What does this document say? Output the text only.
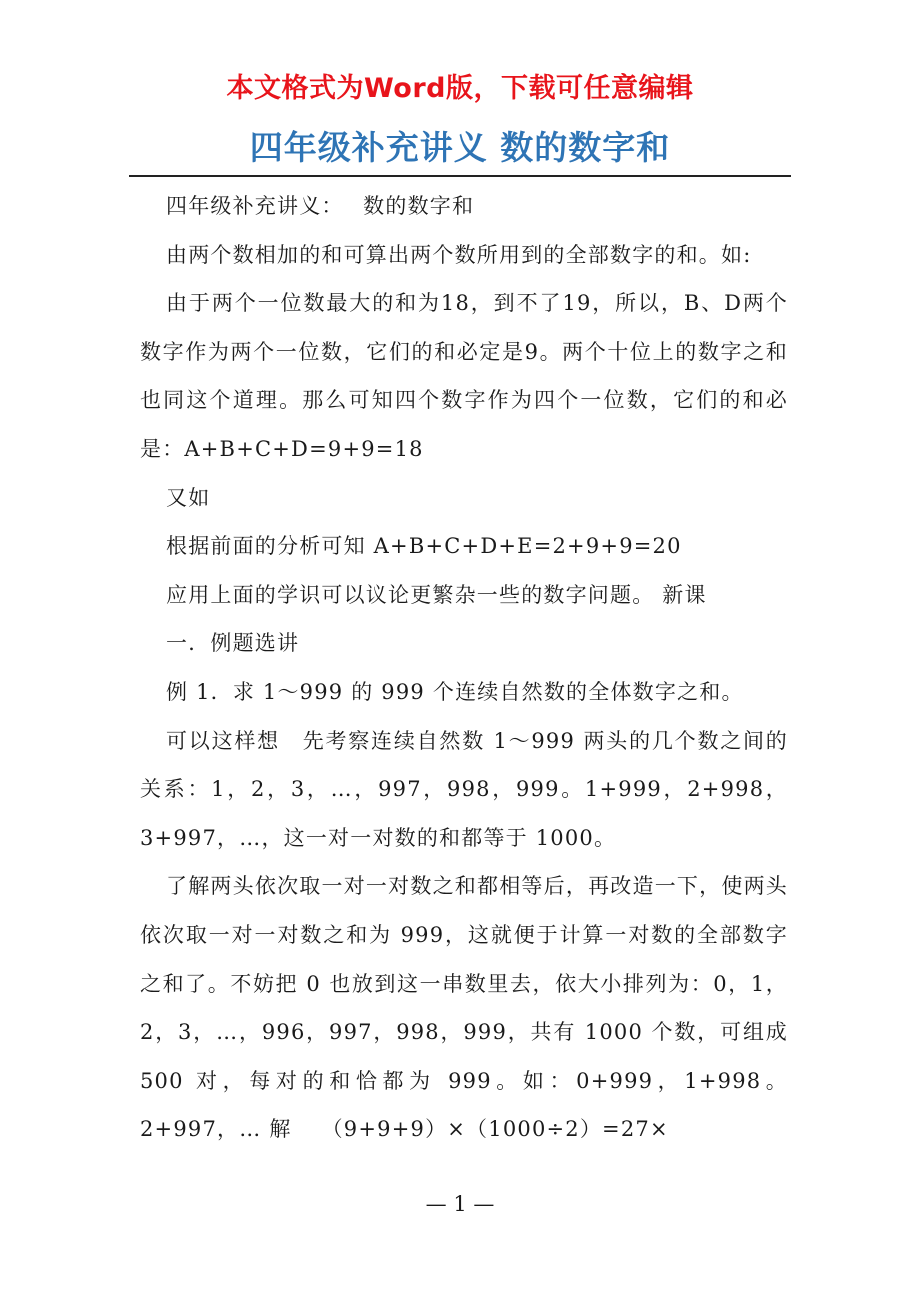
本文格式为Word版，下载可任意编辑
四年级补充讲义 数的数字和

四年级补充讲义：　 数的数字和

由两个数相加的和可算出两个数所用到的全部数字的和。如:

由于两个一位数最大的和为18，到不了19，所以，B、D两个数字作为两个一位数，它们的和必定是9。两个十位上的数字之和也同这个道理。那么可知四个数字作为四个一位数，它们的和必是：A+B+C+D=9+9=18

又如

根据前面的分析可知 A+B+C+D+E=2+9+9=20

应用上面的学识可以议论更繁杂一些的数字问题。 新课

一．例题选讲

例 1．求 1～999 的 999 个连续自然数的全体数字之和。

可以这样想　先考察连续自然数 1～999 两头的几个数之间的关系：1，2，3，…，997，998，999。1+999，2+998，3+997，…，这一对一对数的和都等于 1000。

了解两头依次取一对一对数之和都相等后，再改造一下，使两头依次取一对一对数之和为 999，这就便于计算一对数的全部数字之和了。不妨把 0 也放到这一串数里去，依大小排列为：0，1，2，3，…，996，997，998，999，共有 1000 个数，可组成 500 对，每对的和恰都为 999。如：0+999，1+998。2+997，… 解　 （9+9+9）×（1000÷2）=27×

— 1 —
